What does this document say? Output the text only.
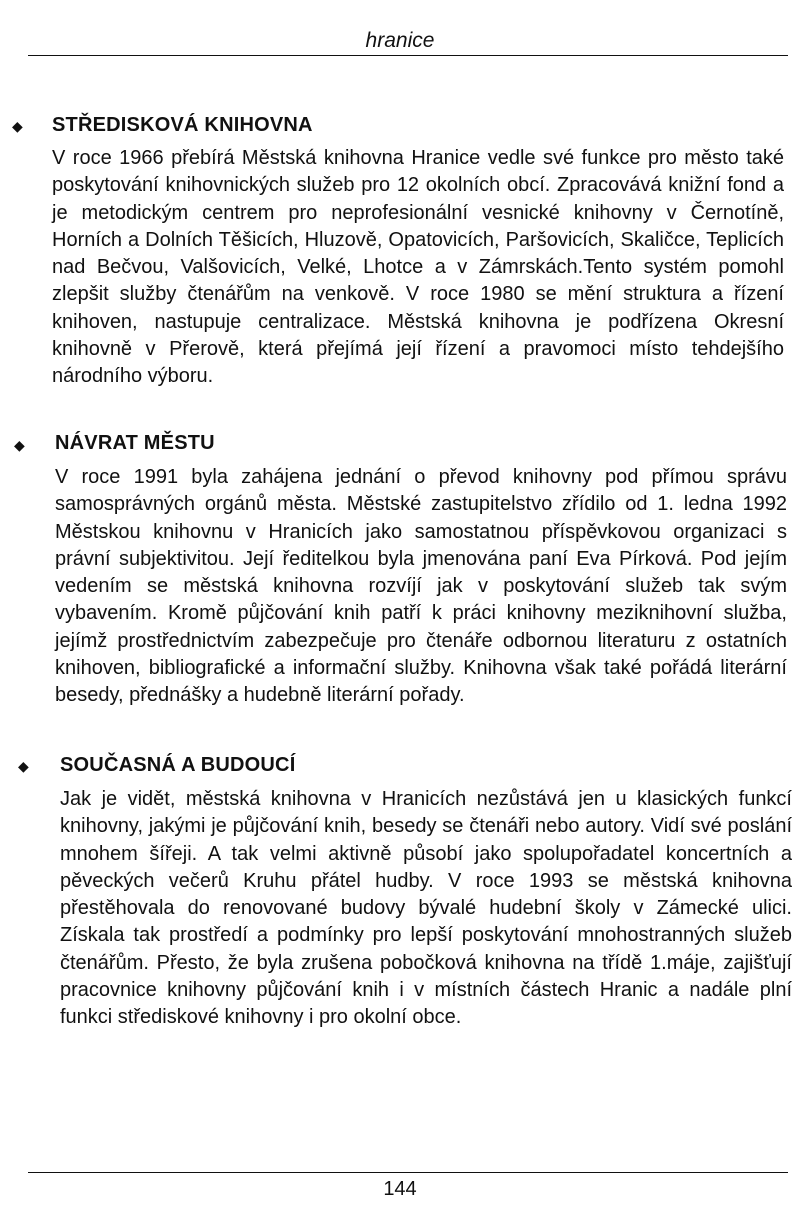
hranice
◆ STŘEDISKOVÁ KNIHOVNA
V roce 1966 přebírá Městská knihovna Hranice vedle své funkce pro město také poskytování knihovnických služeb pro 12 okolních obcí. Zpracovává knižní fond a je metodickým centrem pro neprofesionální vesnické knihovny v Černotíně, Horních a Dolních Těšicích, Hluzově, Opatovicích, Paršovicích, Skaličce, Teplicích nad Bečvou, Valšovicích, Velké, Lhotce a v Zámrskách.Tento systém pomohl zlepšit služby čtenářům na venkově. V roce 1980 se mění struktura a řízení knihoven, nastupuje centralizace. Městská knihovna je podřízena Okresní knihovně v Přerově, která přejímá její řízení a pravomoci místo tehdejšího národního výboru.
◆ NÁVRAT MĚSTU
V roce 1991 byla zahájena jednání o převod knihovny pod přímou správu samosprávných orgánů města. Městské zastupitelstvo zřídilo od 1. ledna 1992 Městskou knihovnu v Hranicích jako samostatnou příspěvkovou organizaci s právní subjektivitou. Její ředitelkou byla jmenována paní Eva Pírková. Pod jejím vedením se městská knihovna rozvíjí jak v poskytování služeb tak svým vybavením. Kromě půjčování knih patří k práci knihovny meziknihovní služba, jejímž prostřednictvím zabezpečuje pro čtenáře odbornou literaturu z ostatních knihoven, bibliografické a informační služby. Knihovna však také pořádá literární besedy, přednášky a hudebně literární pořady.
◆ SOUČASNÁ A BUDOUCÍ
Jak je vidět, městská knihovna v Hranicích nezůstává jen u klasických funkcí knihovny, jakými je půjčování knih, besedy se čtenáři nebo autory. Vidí své poslání mnohem šířeji. A tak velmi aktivně působí jako spolupořadatel koncertních a pěveckých večerů Kruhu přátel hudby. V roce 1993 se městská knihovna přestěhovala do renovované budovy bývalé hudební školy v Zámecké ulici. Získala tak prostředí a podmínky pro lepší poskytování mnohostranných služeb čtenářům. Přesto, že byla zrušena pobočková knihovna na třídě 1.máje, zajišťují pracovnice knihovny půjčování knih i v místních částech Hranic a nadále plní funkci střediskové knihovny i pro okolní obce.
144
